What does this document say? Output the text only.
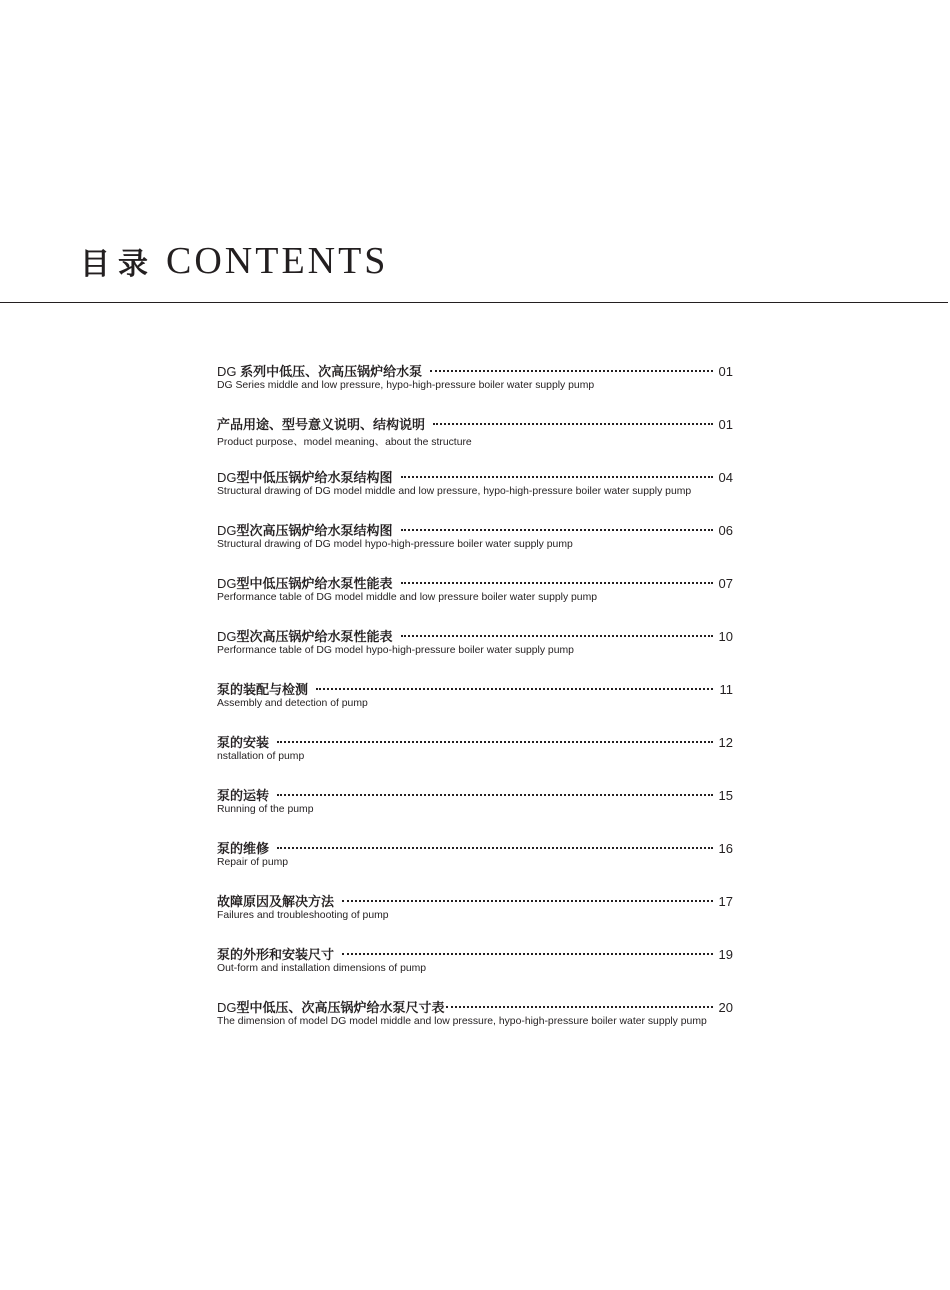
目录 CONTENTS
DG 系列中低压、次高压锅炉给水泵	01
DG Series middle and low pressure, hypo-high-pressure boiler water supply pump
产品用途、型号意义说明、结构说明	01
Product purpose、model meaning、about the structure
DG型中低压锅炉给水泵结构图	04
Structural drawing of DG model middle and low pressure, hypo-high-pressure boiler water supply pump
DG型次高压锅炉给水泵结构图	06
Structural drawing of DG model hypo-high-pressure boiler water supply pump
DG型中低压锅炉给水泵性能表	07
Performance table of DG model middle and low pressure boiler water supply pump
DG型次高压锅炉给水泵性能表	10
Performance table of DG model hypo-high-pressure boiler water supply pump
泵的装配与检测	11
Assembly and detection of pump
泵的安装	12
nstallation of pump
泵的运转	15
Running of the pump
泵的维修	16
Repair of pump
故障原因及解决方法	17
Failures and troubleshooting of pump
泵的外形和安装尺寸	19
Out-form and installation dimensions of pump
DG型中低压、次高压锅炉给水泵尺寸表	20
The dimension of model DG model middle and low pressure, hypo-high-pressure boiler water supply pump
